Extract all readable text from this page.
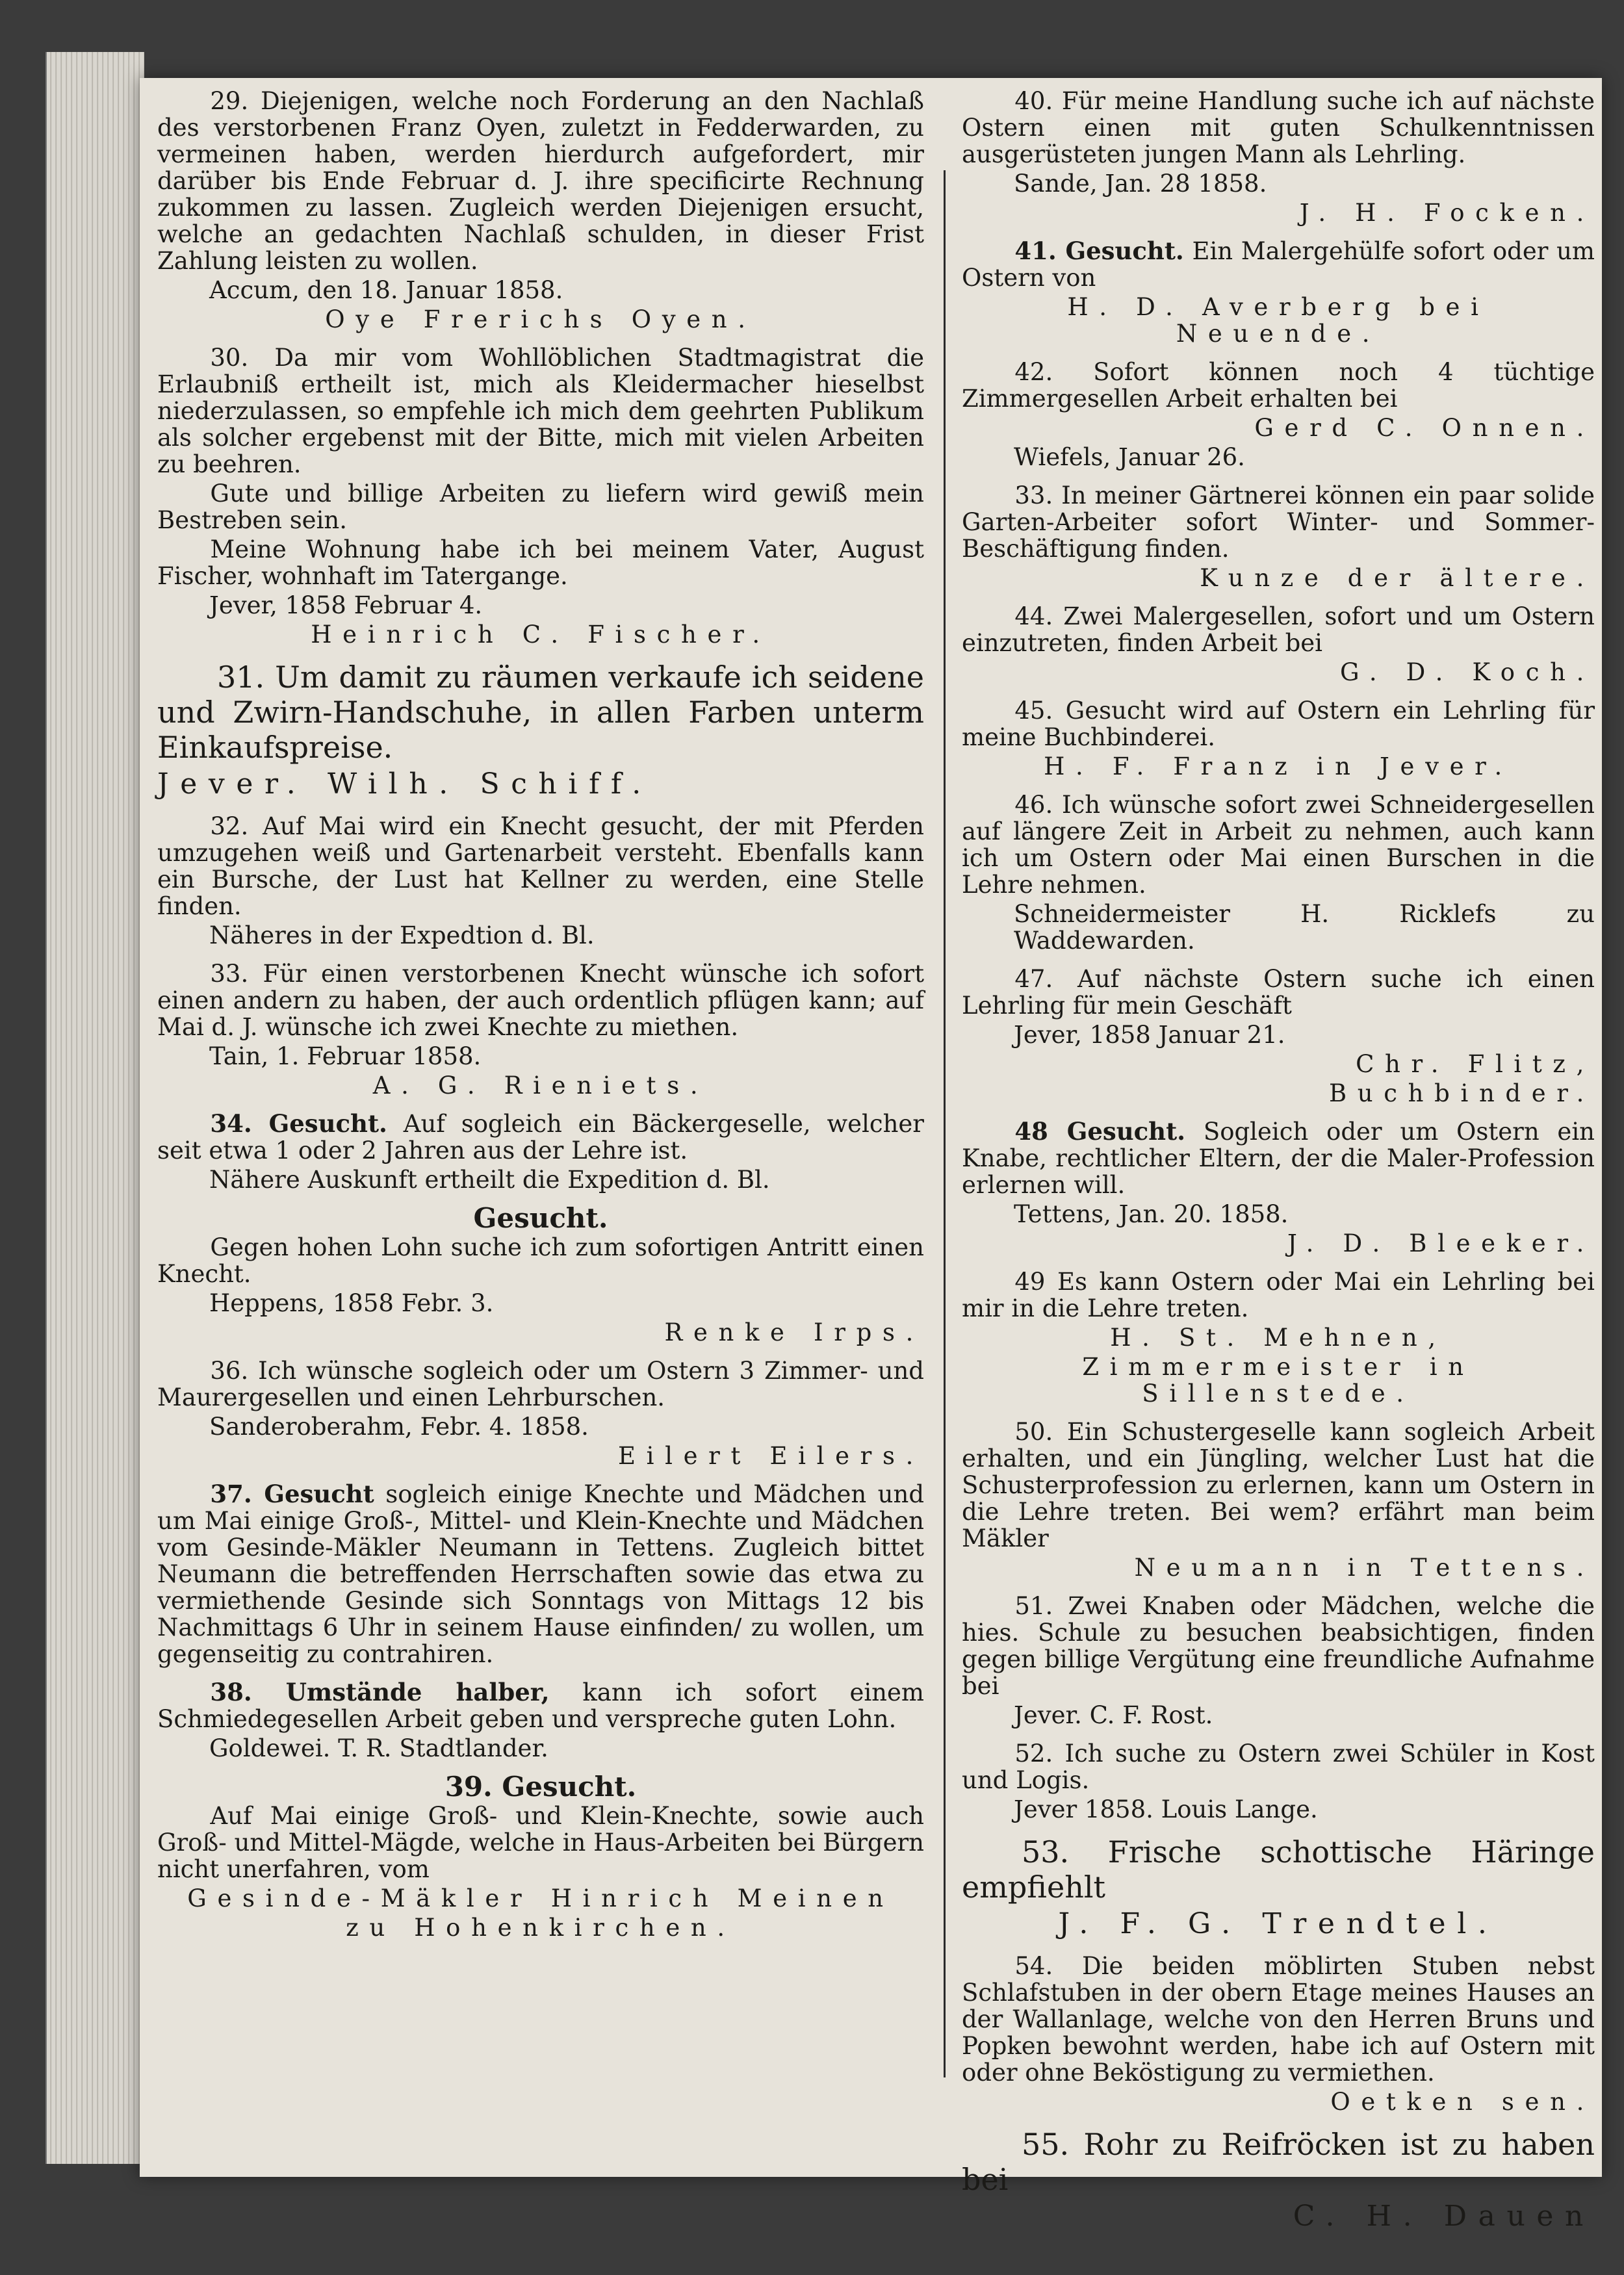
29. Diejenigen, welche noch Forderung an den Nachlaß des verstorbenen Franz Oyen, zuletzt in Fedderwarden, zu vermeinen haben, werden hierdurch aufgefordert, mir darüber bis Ende Februar d. J. ihre specificirte Rechnung zukommen zu lassen. Zugleich werden Diejenigen ersucht, welche an gedachten Nachlaß schulden, in dieser Frist Zahlung leisten zu wollen.

Accum, den 18. Januar 1858.

Oye Frerichs Oyen.

30. Da mir vom Wohllöblichen Stadtmagistrat die Erlaubniß ertheilt ist, mich als Kleidermacher hieselbst niederzulassen, so empfehle ich mich dem geehrten Publikum als solcher ergebenst mit der Bitte, mich mit vielen Arbeiten zu beehren.

Gute und billige Arbeiten zu liefern wird gewiß mein Bestreben sein.

Meine Wohnung habe ich bei meinem Vater, August Fischer, wohnhaft im Tatergange.

Jever, 1858 Februar 4.

Heinrich C. Fischer.

31. Um damit zu räumen verkaufe ich seidene und Zwirn-Handschuhe, in allen Farben unterm Einkaufspreise.

Jever. Wilh. Schiff.

32. Auf Mai wird ein Knecht gesucht, der mit Pferden umzugehen weiß und Gartenarbeit versteht. Ebenfalls kann ein Bursche, der Lust hat Kellner zu werden, eine Stelle finden.

Näheres in der Expedtion d. Bl.

33. Für einen verstorbenen Knecht wünsche ich sofort einen andern zu haben, der auch ordentlich pflügen kann; auf Mai d. J. wünsche ich zwei Knechte zu miethen.

Tain, 1. Februar 1858.

A. G. Rieniets.

34. Gesucht. Auf sogleich ein Bäckergeselle, welcher seit etwa 1 oder 2 Jahren aus der Lehre ist.

Nähere Auskunft ertheilt die Expedition d. Bl.

Gesucht.

Gegen hohen Lohn suche ich zum sofortigen Antritt einen Knecht.

Heppens, 1858 Febr. 3.

Renke Irps.

36. Ich wünsche sogleich oder um Ostern 3 Zimmer- und Maurergesellen und einen Lehrburschen.

Sanderoberahm, Febr. 4. 1858.

Eilert Eilers.

37. Gesucht sogleich einige Knechte und Mädchen und um Mai einige Groß-, Mittel- und Klein-Knechte und Mädchen vom Gesinde-Mäkler Neumann in Tettens. Zugleich bittet Neumann die betreffenden Herrschaften sowie das etwa zu vermiethende Gesinde sich Sonntags von Mittags 12 bis Nachmittags 6 Uhr in seinem Hause einfinden/ zu wollen, um gegenseitig zu contrahiren.

38. Umstände halber, kann ich sofort einem Schmiedegesellen Arbeit geben und verspreche guten Lohn.

Goldewei. T. R. Stadtlander.

39. Gesucht.

Auf Mai einige Groß- und Klein-Knechte, sowie auch Groß- und Mittel-Mägde, welche in Haus-Arbeiten bei Bürgern nicht unerfahren, vom

Gesinde-Mäkler Hinrich Meinen

zu Hohenkirchen.

40. Für meine Handlung suche ich auf nächste Ostern einen mit guten Schulkenntnissen ausgerüsteten jungen Mann als Lehrling.

Sande, Jan. 28 1858.

J. H. Focken.

41. Gesucht. Ein Malergehülfe sofort oder um Ostern von

H. D. Averberg bei Neuende.

42. Sofort können noch 4 tüchtige Zimmergesellen Arbeit erhalten bei

Gerd C. Onnen.

Wiefels, Januar 26.

33. In meiner Gärtnerei können ein paar solide Garten-Arbeiter sofort Winter- und Sommer-Beschäftigung finden.

Kunze der ältere.

44. Zwei Malergesellen, sofort und um Ostern einzutreten, finden Arbeit bei

G. D. Koch.

45. Gesucht wird auf Ostern ein Lehrling für meine Buchbinderei.

H. F. Franz in Jever.

46. Ich wünsche sofort zwei Schneidergesellen auf längere Zeit in Arbeit zu nehmen, auch kann ich um Ostern oder Mai einen Burschen in die Lehre nehmen.

Schneidermeister H. Ricklefs zu Waddewarden.

47. Auf nächste Ostern suche ich einen Lehrling für mein Geschäft

Jever, 1858 Januar 21.

Chr. Flitz,

Buchbinder.

48 Gesucht. Sogleich oder um Ostern ein Knabe, rechtlicher Eltern, der die Maler-Profession erlernen will.

Tettens, Jan. 20. 1858.

J. D. Bleeker.

49 Es kann Ostern oder Mai ein Lehrling bei mir in die Lehre treten.

H. St. Mehnen,

Zimmermeister in Sillenstede.

50. Ein Schustergeselle kann sogleich Arbeit erhalten, und ein Jüngling, welcher Lust hat die Schusterprofession zu erlernen, kann um Ostern in die Lehre treten. Bei wem? erfährt man beim Mäkler

Neumann in Tettens.

51. Zwei Knaben oder Mädchen, welche die hies. Schule zu besuchen beabsichtigen, finden gegen billige Vergütung eine freundliche Aufnahme bei

Jever. C. F. Rost.

52. Ich suche zu Ostern zwei Schüler in Kost und Logis.

Jever 1858. Louis Lange.

53. Frische schottische Häringe empfiehlt

J. F. G. Trendtel.

54. Die beiden möblirten Stuben nebst Schlafstuben in der obern Etage meines Hauses an der Wallanlage, welche von den Herren Bruns und Popken bewohnt werden, habe ich auf Ostern mit oder ohne Beköstigung zu vermiethen.

Oetken sen.

55. Rohr zu Reifröcken ist zu haben bei

C. H. Dauen
